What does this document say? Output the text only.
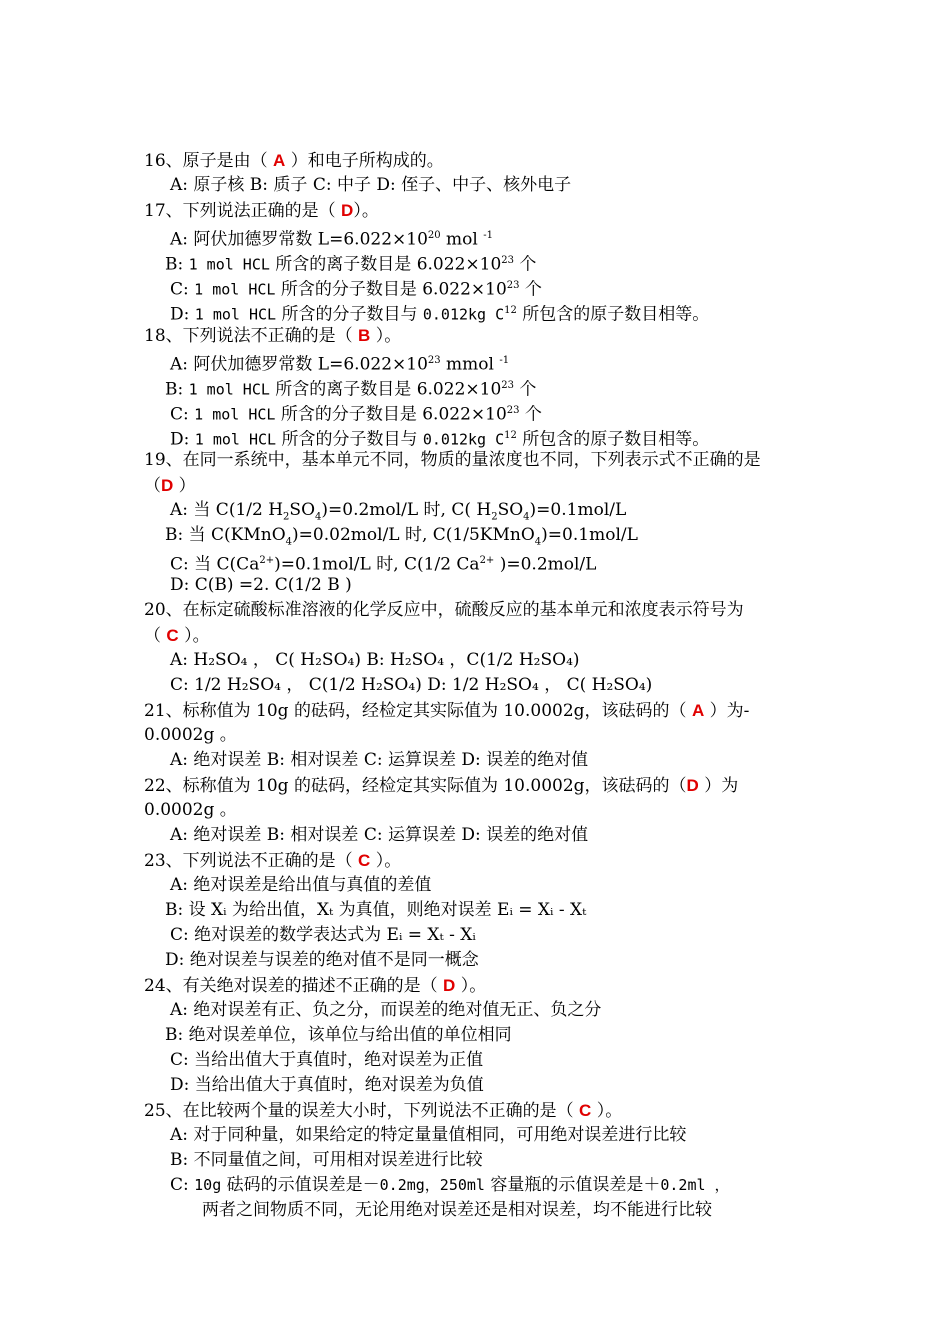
16、原子是由（ A ）和电子所构成的。
A: 原子核 B: 质子 C: 中子 D: 侄子、中子、核外电子
17、下列说法正确的是（ D）。
A: 阿伏加德罗常数 $L=6.022\times 10^{20}$ mol $^{-1}$
B: 1 mol HCL 所含的离子数目是 $6.022\times 10^{23}$ 个
C: 1 mol HCL 所含的分子数目是 $6.022\times 10^{23}$ 个
D: 1 mol HCL 所含的分子数目与 0.012kg $C^{12}$ 所包含的原子数目相等。
18、下列说法不正确的是（ B ）。
A: 阿伏加德罗常数 $L=6.022\times 10^{23}$ mmol $^{-1}$
B: 1 mol HCL 所含的离子数目是 $6.022\times 10^{23}$ 个
C: 1 mol HCL 所含的分子数目是 $6.022\times 10^{23}$ 个
D: 1 mol HCL 所含的分子数目与 0.012kg $C^{12}$ 所包含的原子数目相等。
19、在同一系统中，基本单元不同，物质的量浓度也不同，下列表示式不正确的是
（D ）
A: 当 C(1/2 $H_2SO_4)=0.2mol/L$ 时, C( $H_2SO_4)=0.1mol/L$
B: 当 C(KMnO$_4$)=0.02mol/L 时, C(1/5KMnO$_4$)=0.1mol/L
C: 当 $C(Ca^{2+})=0.1mol/L$ 时, C(1/2 $Ca^{2+}$ )=0.2mol/L
D: C(B) =2. C(1/2 B )
20、在标定硫酸标准溶液的化学反应中，硫酸反应的基本单元和浓度表示符号为
（ C ）。
A: H₂SO₄ ， C( H₂SO₄) B: H₂SO₄ ，C(1/2 H₂SO₄)
C: 1/2 H₂SO₄ ， C(1/2 H₂SO₄) D: 1/2 H₂SO₄ ， C( H₂SO₄)
21、标称值为 10g 的砝码，经检定其实际值为 10.0002g，该砝码的（ A ）为-
0.0002g 。
A: 绝对误差 B: 相对误差 C: 运算误差 D: 误差的绝对值
22、标称值为 10g 的砝码，经检定其实际值为 10.0002g，该砝码的（D ）为
0.0002g 。
A: 绝对误差 B: 相对误差 C: 运算误差 D: 误差的绝对值
23、下列说法不正确的是（ C ）。
A: 绝对误差是给出值与真值的差值
B: 设 Xᵢ 为给出值，Xₜ 为真值，则绝对误差 Eᵢ = Xᵢ - Xₜ
C: 绝对误差的数学表达式为 Eᵢ = Xₜ - Xᵢ
D: 绝对误差与误差的绝对值不是同一概念
24、有关绝对误差的描述不正确的是（ D ）。
A: 绝对误差有正、负之分，而误差的绝对值无正、负之分
B: 绝对误差单位，该单位与给出值的单位相同
C: 当给出值大于真值时，绝对误差为正值
D: 当给出值大于真值时，绝对误差为负值
25、在比较两个量的误差大小时，下列说法不正确的是（ C ）。
A: 对于同种量，如果给定的特定量量值相同，可用绝对误差进行比较
B: 不同量值之间，可用相对误差进行比较
C: 10g 砝码的示值误差是－0.2mg，250ml 容量瓶的示值误差是＋0.2ml ，
两者之间物质不同，无论用绝对误差还是相对误差，均不能进行比较
